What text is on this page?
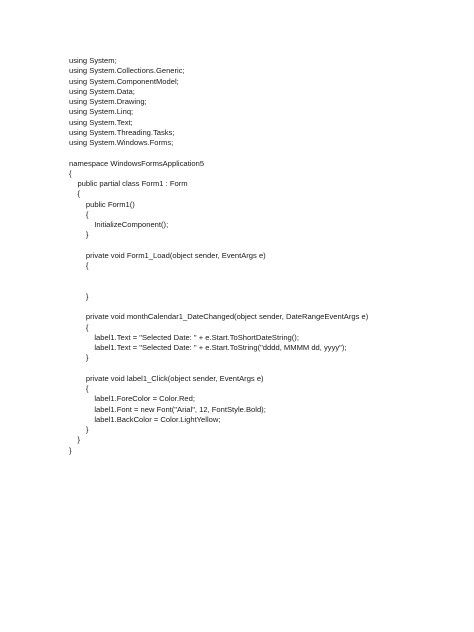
using System;
using System.Collections.Generic;
using System.ComponentModel;
using System.Data;
using System.Drawing;
using System.Linq;
using System.Text;
using System.Threading.Tasks;
using System.Windows.Forms;
namespace WindowsFormsApplication5
{
public partial class Form1 : Form
{
public Form1()
{
InitializeComponent();
}
private void Form1_Load(object sender, EventArgs e)
{
}
private void monthCalendar1_DateChanged(object sender, DateRangeEventArgs e)
{
label1.Text = "Selected Date: " + e.Start.ToShortDateString();
label1.Text = "Selected Date: " + e.Start.ToString("dddd, MMMM dd, yyyy");
}
private void label1_Click(object sender, EventArgs e)
{
label1.ForeColor = Color.Red;
label1.Font = new Font("Arial", 12, FontStyle.Bold);
label1.BackColor = Color.LightYellow;
}
}
}
